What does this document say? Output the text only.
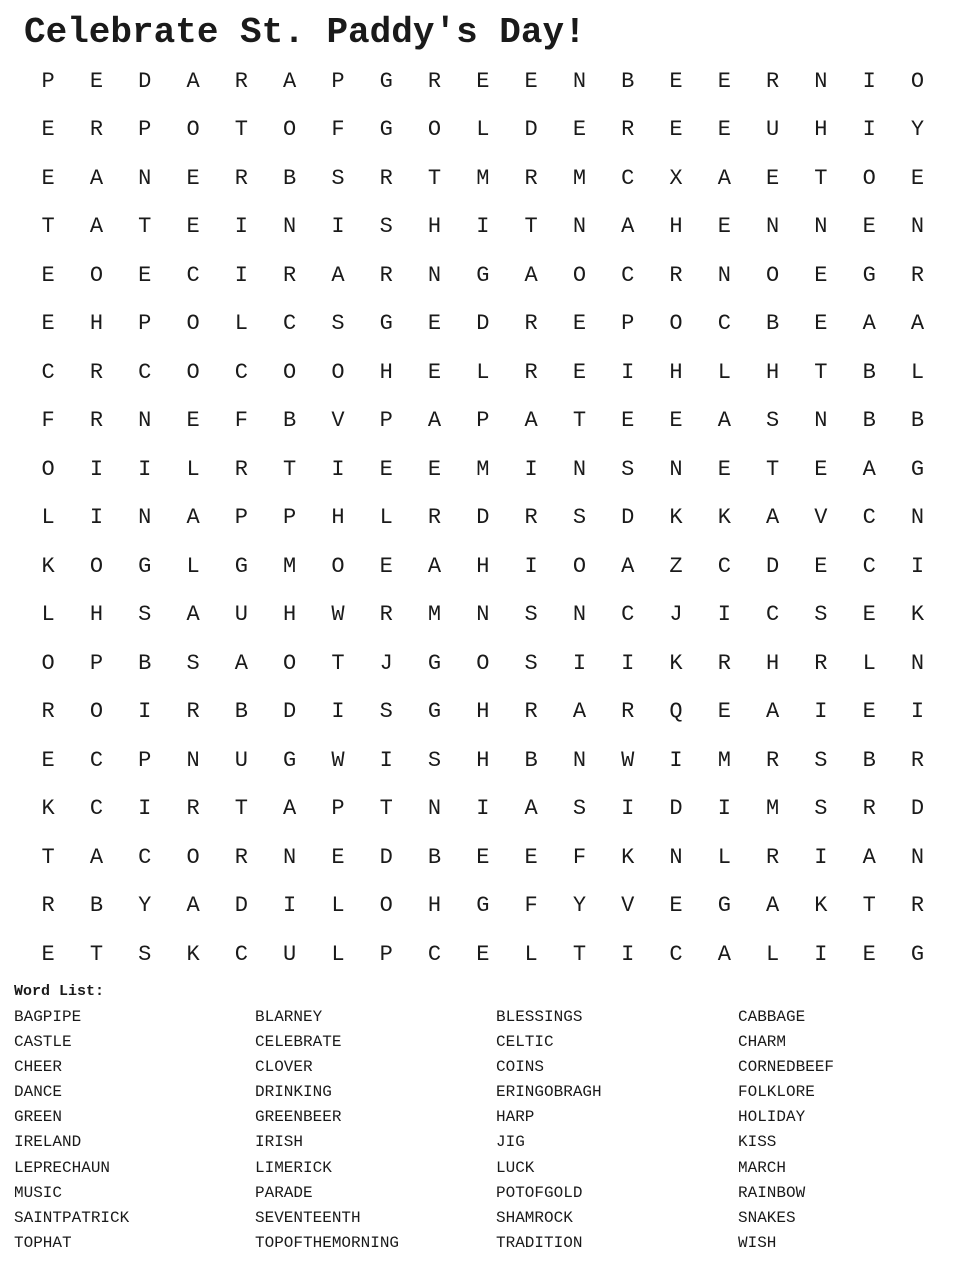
Celebrate St. Paddy's Day!
P	E	D	A	R	A	P	G	R	E	E	N	B	E	E	R	N	I	O
E	R	P	O	T	O	F	G	O	L	D	E	R	E	E	U	H	I	Y
E	A	N	E	R	B	S	R	T	M	R	M	C	X	A	E	T	O	E
T	A	T	E	I	N	I	S	H	I	T	N	A	H	E	N	N	E	N
E	O	E	C	I	R	A	R	N	G	A	O	C	R	N	O	E	G	R
E	H	P	O	L	C	S	G	E	D	R	E	P	O	C	B	E	A	A
C	R	C	O	C	O	O	H	E	L	R	E	I	H	L	H	T	B	L
F	R	N	E	F	B	V	P	A	P	A	T	E	E	A	S	N	B	B
O	I	I	L	R	T	I	E	E	M	I	N	S	N	E	T	E	A	G
L	I	N	A	P	P	H	L	R	D	R	S	D	K	K	A	V	C	N
K	O	G	L	G	M	O	E	A	H	I	O	A	Z	C	D	E	C	I
L	H	S	A	U	H	W	R	M	N	S	N	C	J	I	C	S	E	K
O	P	B	S	A	O	T	J	G	O	S	I	I	K	R	H	R	L	N
R	O	I	R	B	D	I	S	G	H	R	A	R	Q	E	A	I	E	I
E	C	P	N	U	G	W	I	S	H	B	N	W	I	M	R	S	B	R
K	C	I	R	T	A	P	T	N	I	A	S	I	D	I	M	S	R	D
T	A	C	O	R	N	E	D	B	E	E	F	K	N	L	R	I	A	N
R	B	Y	A	D	I	L	O	H	G	F	Y	V	E	G	A	K	T	R
E	T	S	K	C	U	L	P	C	E	L	T	I	C	A	L	I	E	G
Word List:
BAGPIPE	BLARNEY	BLESSINGS	CABBAGE
CASTLE	CELEBRATE	CELTIC	CHARM
CHEER	CLOVER	COINS	CORNEDBEEF
DANCE	DRINKING	ERINGOBRAGH	FOLKLORE
GREEN	GREENBEER	HARP	HOLIDAY
IRELAND	IRISH	JIG	KISS
LEPRECHAUN	LIMERICK	LUCK	MARCH
MUSIC	PARADE	POTOFGOLD	RAINBOW
SAINTPATRICK	SEVENTEENTH	SHAMROCK	SNAKES
TOPHAT	TOPOFTHEMORNING	TRADITION	WISH
